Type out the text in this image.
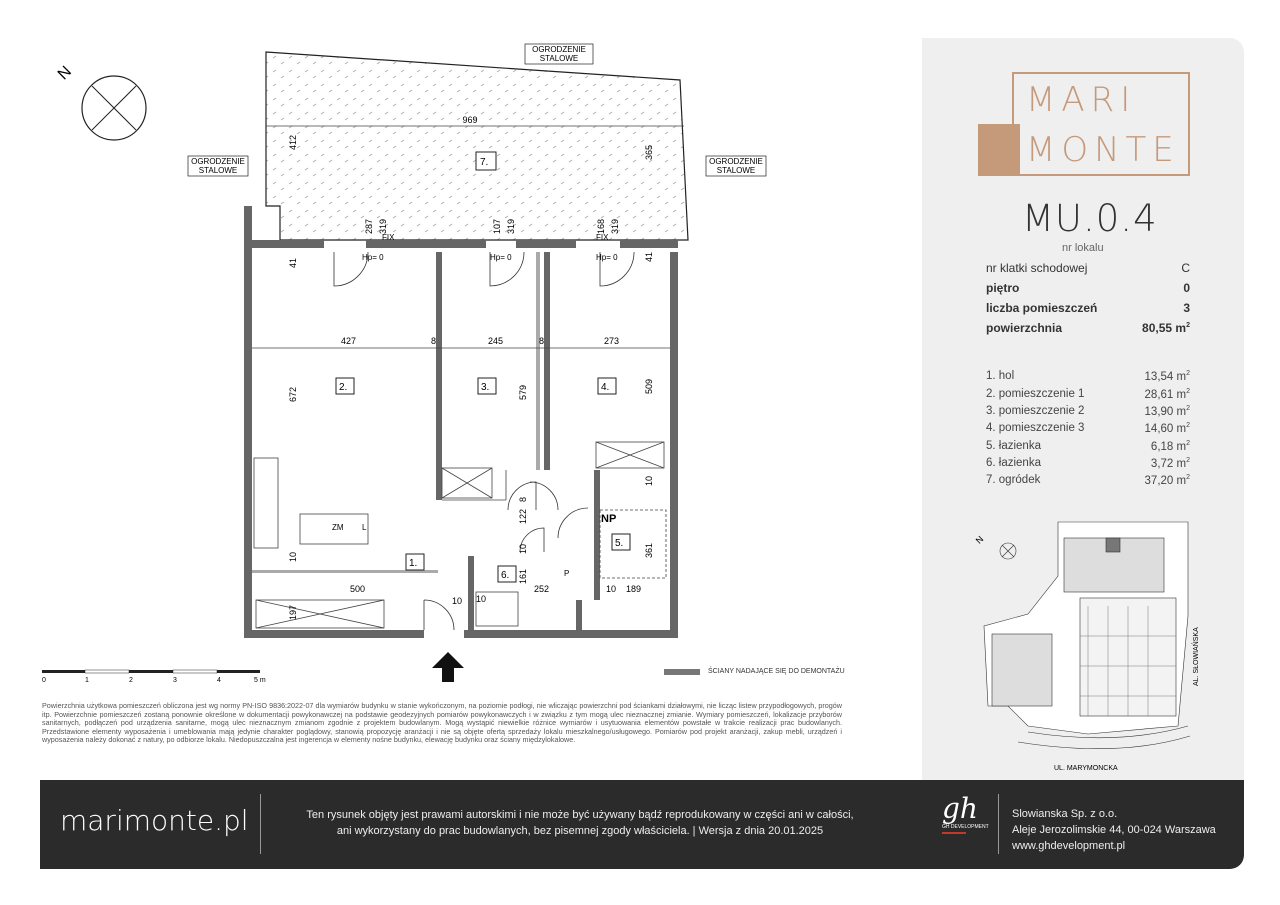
N
969
412
365
7.
OGRODZENIE
STALOWE
OGRODZENIE
STALOWE
OGRODZENIE
STALOWE
2.	3.	4.
1.
5.
6.
FIX	FIX
Hp= 0	Hp= 0	Hp= 0
NP
ZM L
P
427	8	245	8	273
672	579	509
41
41
287 319	107 319	168 319
500
197
10
10
122
8
10
161
252	10 189
361
10
10
0	1	2	3	4	5 m
ŚCIANY NADAJĄCE SIĘ DO DEMONTAŻU
Powierzchnia użytkowa pomieszczeń obliczona jest wg normy PN-ISO 9836:2022-07 dla wymiarów budynku w stanie wykończonym, na poziomie podłogi, nie wliczając powierzchni pod ściankami działowymi, nie licząc listew przypodłogowych, progów itp. Powierzchnie pomieszczeń zostaną ponownie określone w dokumentacji powykonawczej na podstawie geodezyjnych pomiarów powykonawczych i w związku z tym mogą ulec nieznacznej zmianie. Wymiary pomieszczeń, lokalizacje przyborów sanitarnych, podłączeń pod urządzenia sanitarne, mogą ulec nieznacznym zmianom zgodnie z projektem budowlanym. Mogą wystąpić niewielkie różnice wymiarów i usytuowania elementów powstałe w trakcie realizacji prac budowlanych. Przedstawione elementy wyposażenia i umeblowania mają jedynie charakter poglądowy, stanowią propozycję aranżacji i nie są objęte ofertą sprzedaży lokalu mieszkalnego/usługowego. Pomiarów pod projekt aranżacji, zakup mebli, urządzeń i wyposażenia należy dokonać z natury, po odbiorze lokalu. Niedopuszczalna jest ingerencja w elementy nośne budynku, elewację budynku oraz ściany międzylokalowe.
MARI
MONTE
MU.0.4
nr lokalu
nr klatki schodowej	C
piętro	0
liczba pomieszczeń	3
powierzchnia	80,55 $m^2$
1. hol	13,54 $m^2$
2. pomieszczenie 1	28,61 $m^2$
3. pomieszczenie 2	13,90 $m^2$
4. pomieszczenie 3	14,60 $m^2$
5. łazienka	6,18 $m^2$
6. łazienka	3,72 $m^2$
7. ogródek	37,20 $m^2$
N
AL. SŁOWIAŃSKA
UL. MARYMONCKA
marimonte.pl	Ten rysunek objęty jest prawami autorskimi i nie może być używany bądź reprodukowany w części ani w całości,
ani wykorzystany do prac budowlanych, bez pisemnej zgody właściciela. | Wersja z dnia 20.01.2025
gh
GH DEVELOPMENT
Slowianska Sp. z o.o.
Aleje Jerozolimskie 44, 00-024 Warszawa
www.ghdevelopment.pl
